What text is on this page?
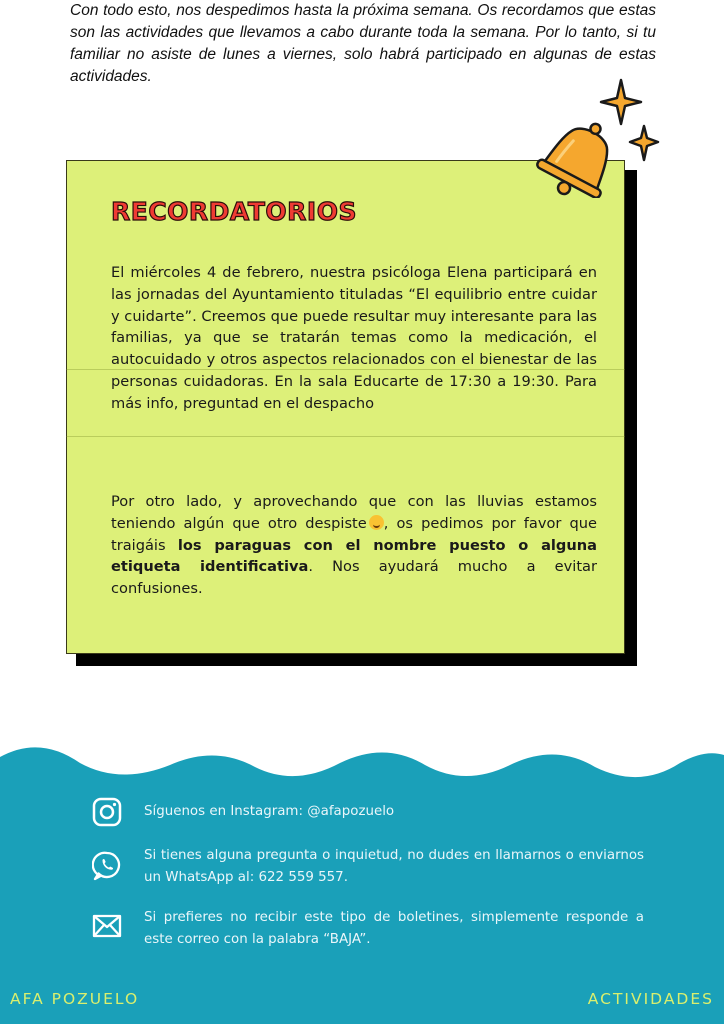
Con todo esto, nos despedimos hasta la próxima semana. Os recordamos que estas son las actividades que llevamos a cabo durante toda la semana. Por lo tanto, si tu familiar no asiste de lunes a viernes, solo habrá participado en algunas de estas actividades.

RECORDATORIOS

El miércoles 4 de febrero, nuestra psicóloga Elena participará en las jornadas del Ayuntamiento tituladas “El equilibrio entre cuidar y cuidarte”. Creemos que puede resultar muy interesante para las familias, ya que se tratarán temas como la medicación, el autocuidado y otros aspectos relacionados con el bienestar de las personas cuidadoras. En la sala Educarte de 17:30 a 19:30. Para más info, preguntad en el despacho

Por otro lado, y aprovechando que con las lluvias estamos teniendo algún que otro despiste , os pedimos por favor que traigáis los paraguas con el nombre puesto o alguna etiqueta identificativa. Nos ayudará mucho a evitar confusiones.

Síguenos en Instagram: @afapozuelo

Si tienes alguna pregunta o inquietud, no dudes en llamarnos o enviarnos un WhatsApp al: 622 559 557.

Si prefieres no recibir este tipo de boletines, simplemente responde a este correo con la palabra “BAJA”.

AFA POZUELO	ACTIVIDADES
